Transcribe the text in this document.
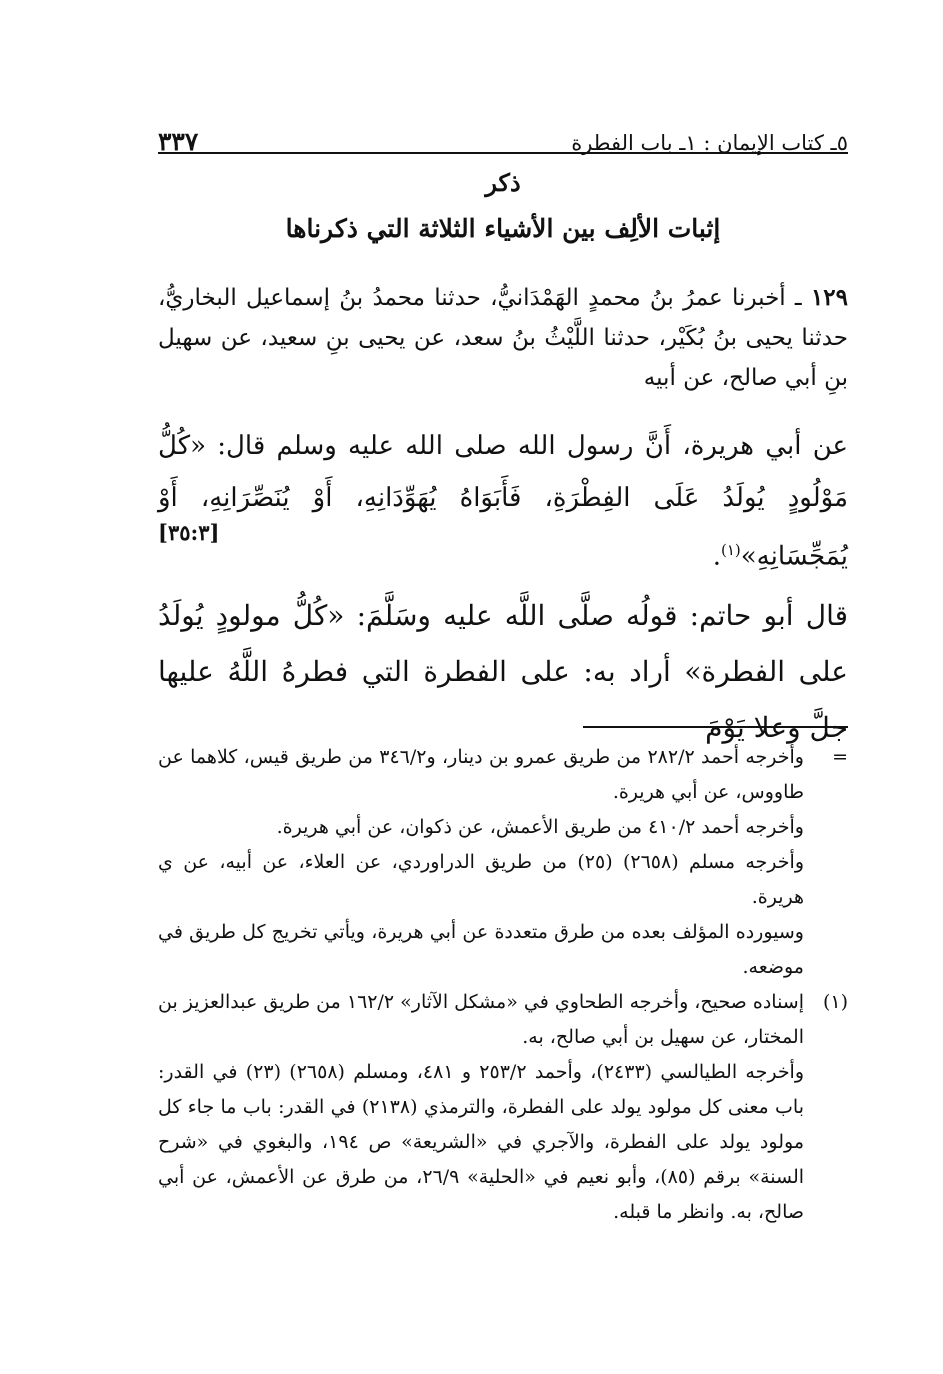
٥ـ كتاب الإيمان : ١ـ باب الفطرة
٣٣٧
ذكر
إثبات الألِف بين الأشياء الثلاثة التي ذكرناها
١٢٩ ـ أخبرنا عمرُ بنُ محمدٍ الهَمْدَانيُّ، حدثنا محمدُ بنُ إسماعيل البخاريُّ، حدثنا يحيى بنُ بُكَيْر، حدثنا اللَّيْثُ بنُ سعد، عن يحيى بنِ سعيد، عن سهيل بنِ أبي صالح، عن أبيه
عن أبي هريرة، أَنَّ رسول الله صلى الله عليه وسلم قال: «كُلُّ مَوْلُودٍ يُولَدُ عَلَى الفِطْرَةِ، فَأَبَوَاهُ يُهَوِّدَانِهِ، أَوْ يُنَصِّرَانِهِ، أَوْ يُمَجِّسَانِهِ»$^{(١)}$.
[٣٥:٣]
قال أبو حاتم: قولُه صلَّى اللَّه عليه وسَلَّمَ: «كُلُّ مولودٍ يُولَدُ على الفطرة» أراد به: على الفطرة التي فطرهُ اللَّهُ عليها جلَّ وعلا يَوْمَ
=

وأخرجه أحمد ٢٨٢/٢ من طريق عمرو بن دينار، و٣٤٦/٢ من طريق قيس، كلاهما عن طاووس، عن أبي هريرة.

وأخرجه أحمد ٤١٠/٢ من طريق الأعمش، عن ذكوان، عن أبي هريرة.

وأخرجه مسلم (٢٦٥٨) (٢٥) من طريق الدراوردي، عن العلاء، عن أبيه، عن ي هريرة.

وسيورده المؤلف بعده من طرق متعددة عن أبي هريرة، ويأتي تخريج كل طريق في موضعه.

(١)

إسناده صحيح، وأخرجه الطحاوي في «مشكل الآثار» ١٦٢/٢ من طريق عبدالعزيز بن المختار، عن سهيل بن أبي صالح، به.

وأخرجه الطيالسي (٢٤٣٣)، وأحمد ٢٥٣/٢ و ٤٨١، ومسلم (٢٦٥٨) (٢٣) في القدر: باب معنى كل مولود يولد على الفطرة، والترمذي (٢١٣٨) في القدر: باب ما جاء كل مولود يولد على الفطرة، والآجري في «الشريعة» ص ١٩٤، والبغوي في «شرح السنة» برقم (٨٥)، وأبو نعيم في «الحلية» ٢٦/٩، من طرق عن الأعمش، عن أبي صالح، به. وانظر ما قبله.
